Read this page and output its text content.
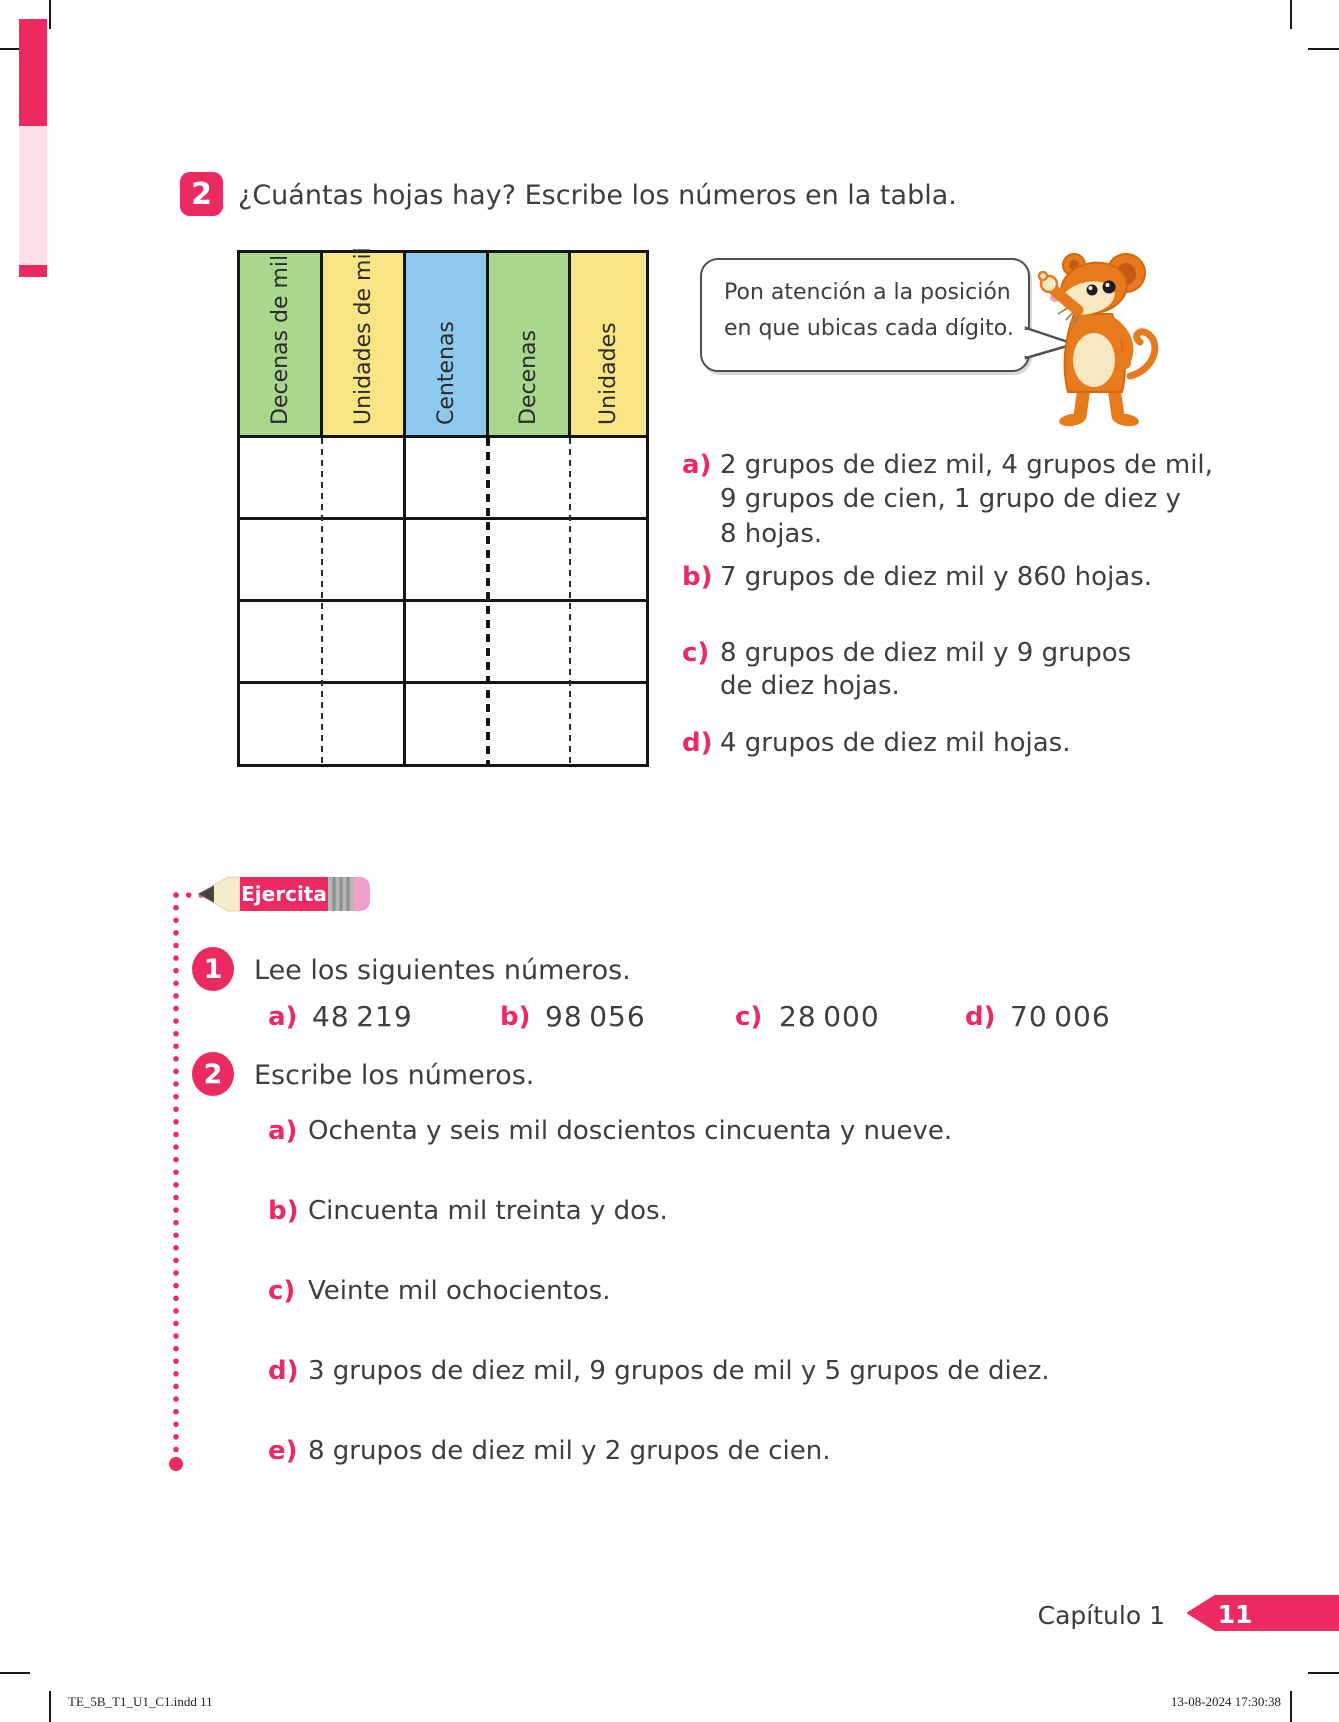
2 ¿Cuántas hojas hay? Escribe los números en la tabla.
Decenas de mil	Unidades de mil	Centenas	Decenas	Unidades
Pon atención a la posición
en que ubicas cada dígito.
a) 2 grupos de diez mil, 4 grupos de mil,
9 grupos de cien, 1 grupo de diez y
8 hojas.
b) 7 grupos de diez mil y 860 hojas.
c) 8 grupos de diez mil y 9 grupos
de diez hojas.
d) 4 grupos de diez mil hojas.
Ejercita
1 Lee los siguientes números.
a) 48 219	b) 98 056	c) 28 000	d) 70 006
2 Escribe los números.
a) Ochenta y seis mil doscientos cincuenta y nueve.
b) Cincuenta mil treinta y dos.
c) Veinte mil ochocientos.
d) 3 grupos de diez mil, 9 grupos de mil y 5 grupos de diez.
e) 8 grupos de diez mil y 2 grupos de cien.
Capítulo 1	11
TE_5B_T1_U1_C1.indd 11	13-08-2024 17:30:38
